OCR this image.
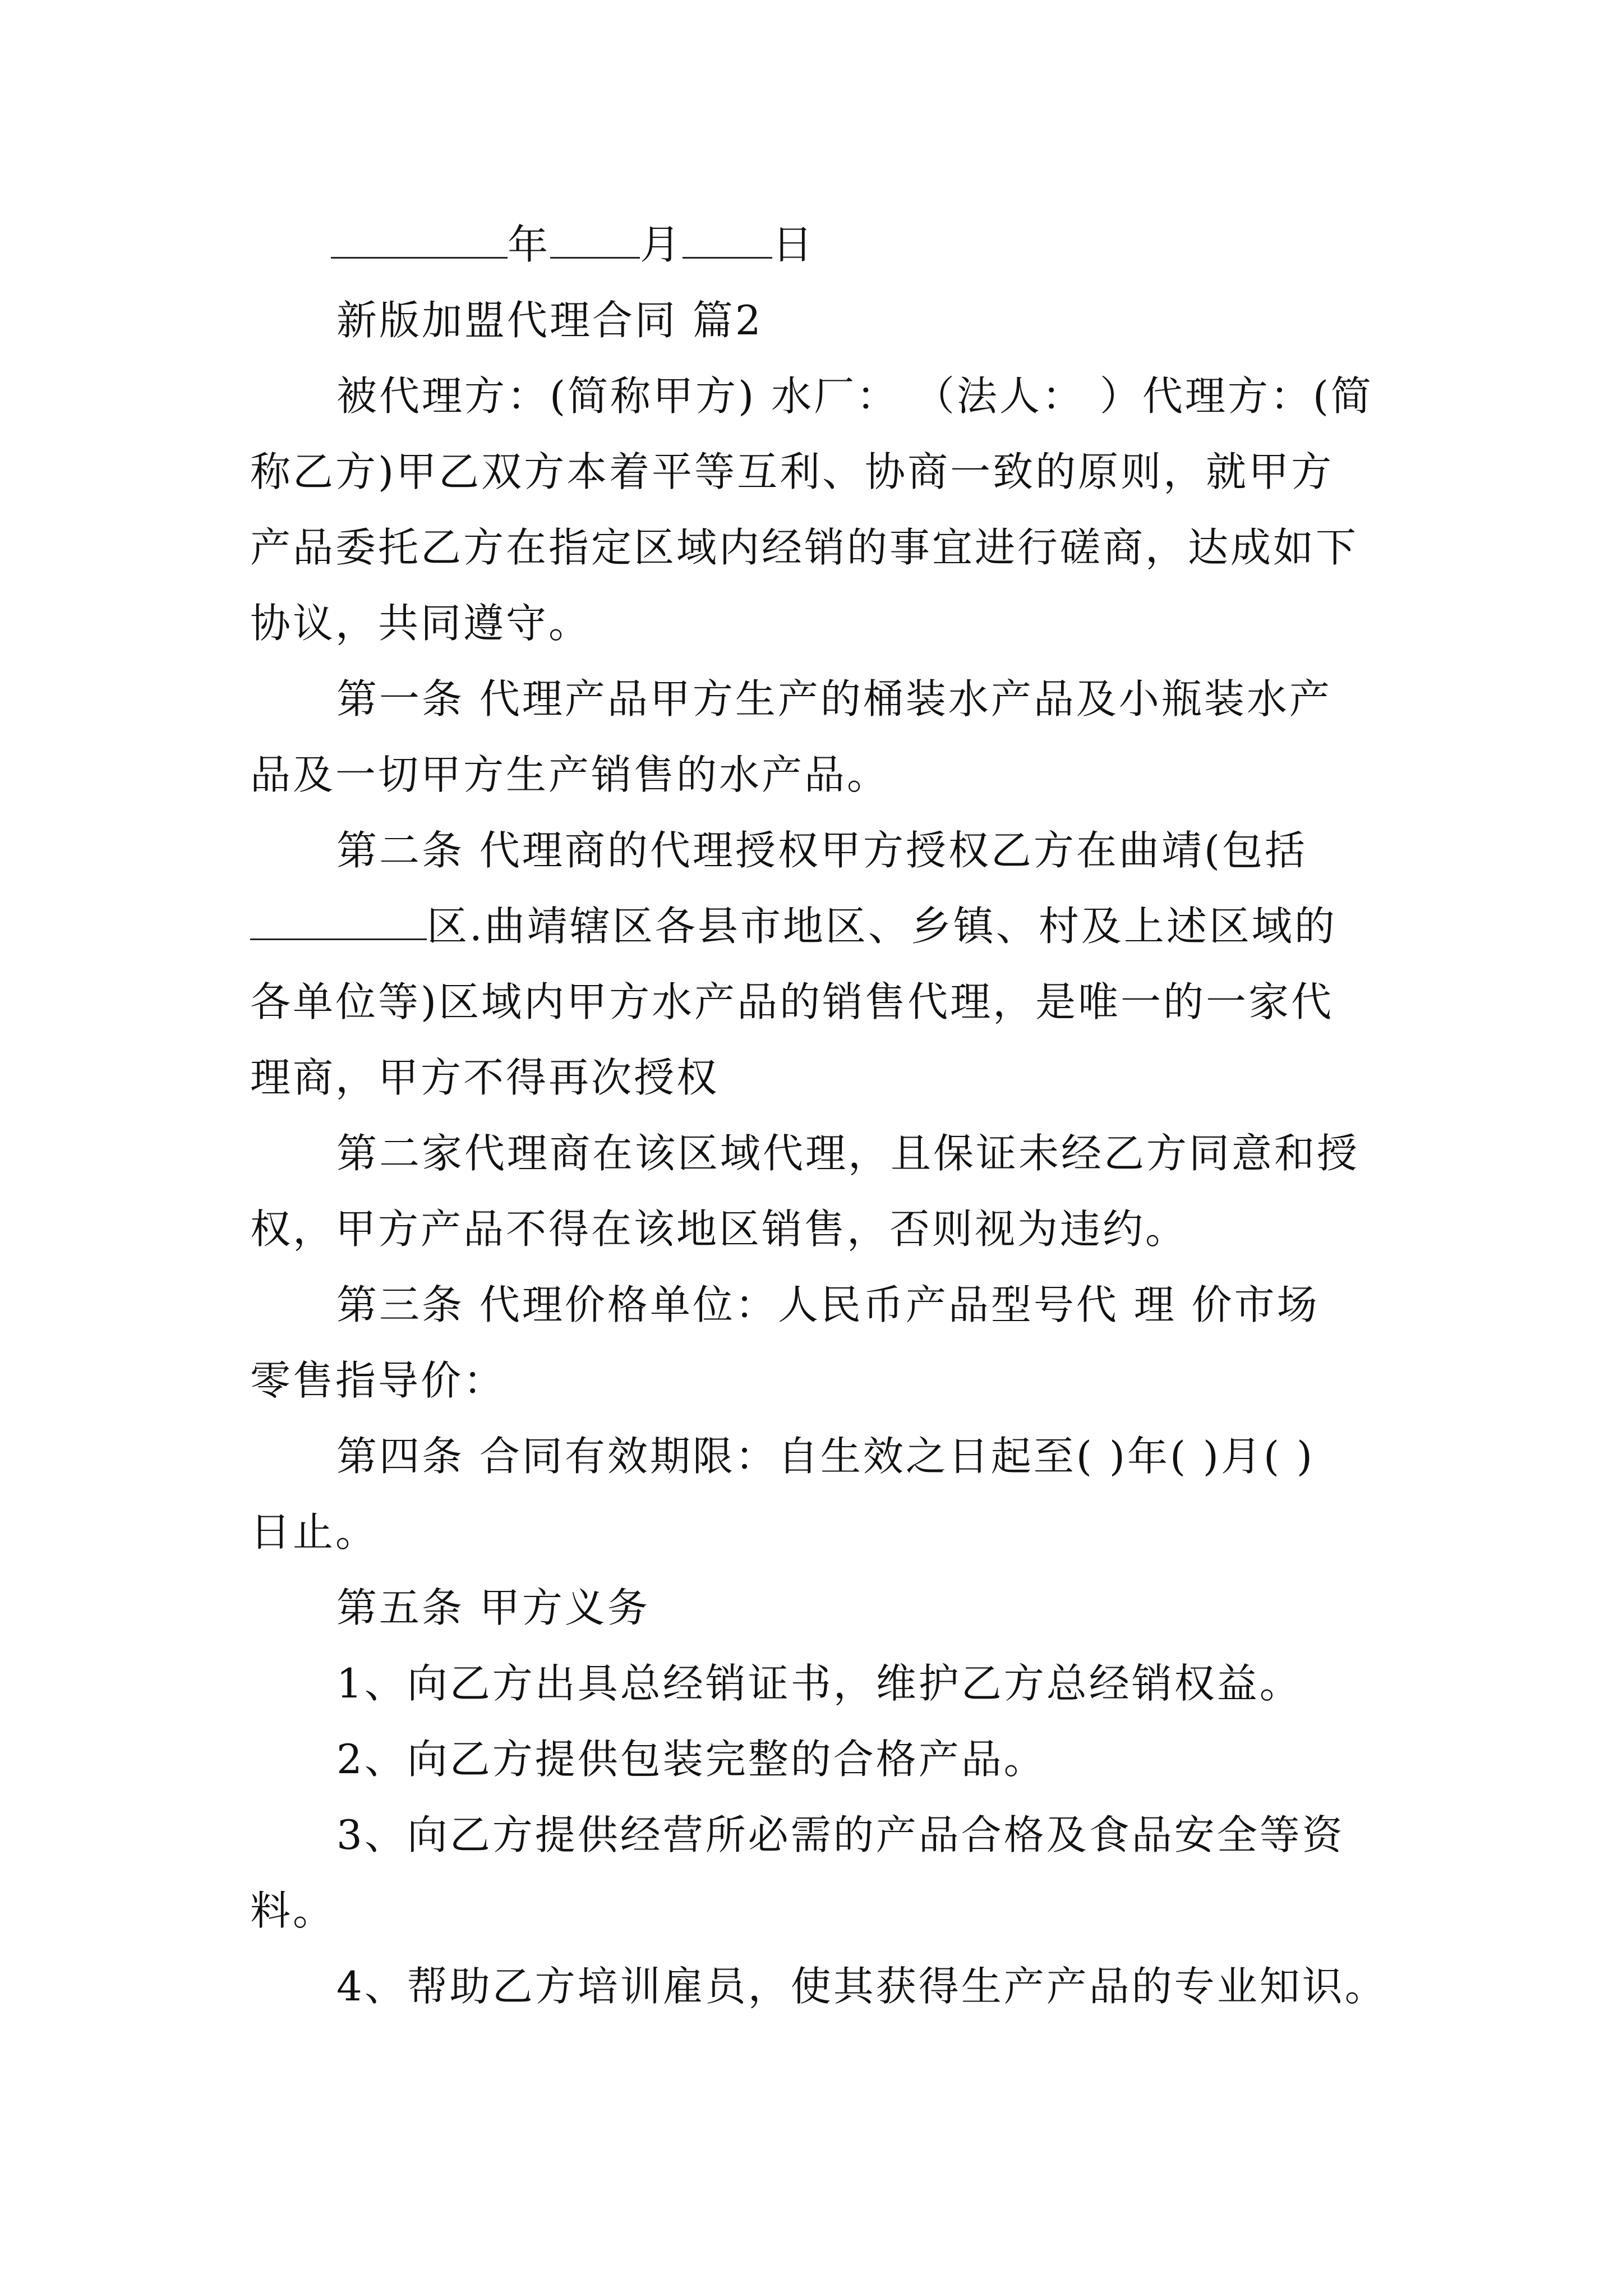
年 月 日
新版加盟代理合同 篇2
被代理方：(简称甲方) 水厂： （法人： ）代理方：(简
称乙方)甲乙双方本着平等互利、协商一致的原则，就甲方
产品委托乙方在指定区域内经销的事宜进行磋商，达成如下
协议，共同遵守。
第一条 代理产品甲方生产的桶装水产品及小瓶装水产
品及一切甲方生产销售的水产品。
第二条 代理商的代理授权甲方授权乙方在曲靖(包括
区.曲靖辖区各县市地区、乡镇、村及上述区域的
各单位等)区域内甲方水产品的销售代理，是唯一的一家代
理商，甲方不得再次授权
第二家代理商在该区域代理，且保证未经乙方同意和授
权，甲方产品不得在该地区销售，否则视为违约。
第三条 代理价格单位：人民币产品型号代 理 价市场
零售指导价：
第四条 合同有效期限：自生效之日起至( )年( )月( )
日止。
第五条 甲方义务
1、向乙方出具总经销证书，维护乙方总经销权益。
2、向乙方提供包装完整的合格产品。
3、向乙方提供经营所必需的产品合格及食品安全等资
料。
4、帮助乙方培训雇员，使其获得生产产品的专业知识。
